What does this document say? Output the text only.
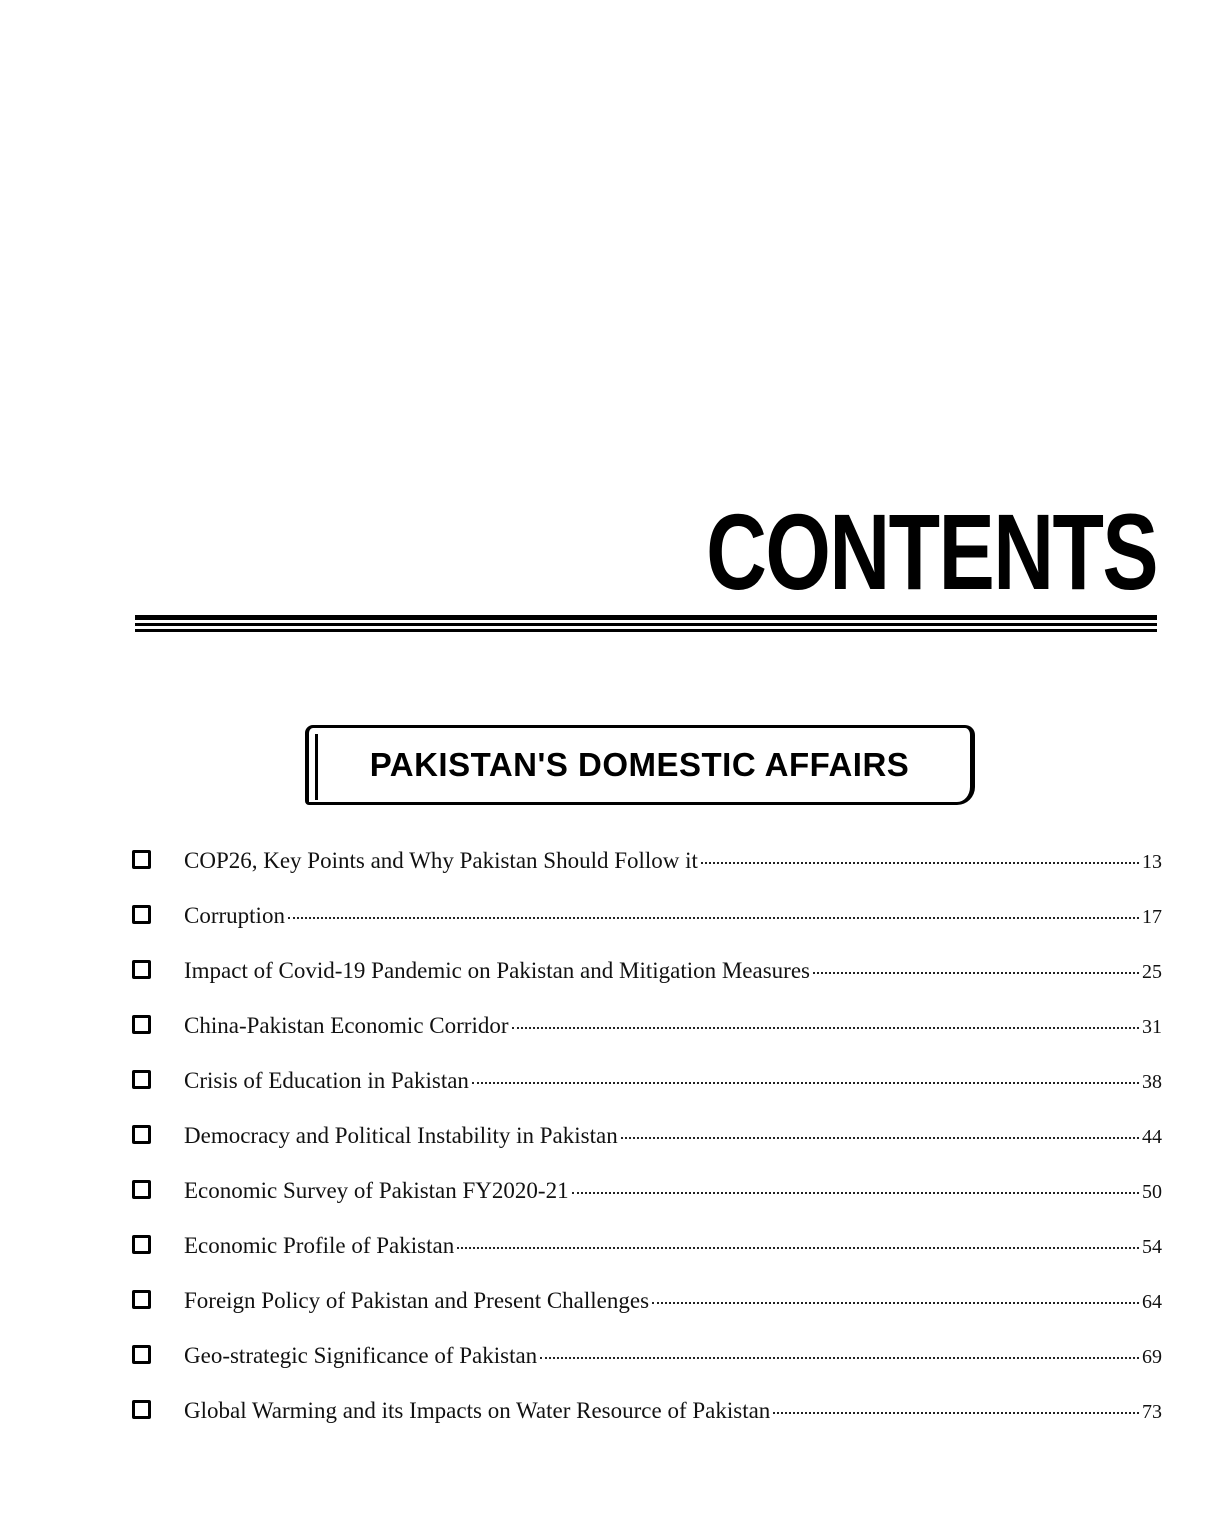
CONTENTS
PAKISTAN'S DOMESTIC AFFAIRS
COP26, Key Points and Why Pakistan Should Follow it	13
Corruption	17
Impact of Covid-19 Pandemic on Pakistan and Mitigation Measures	25
China-Pakistan Economic Corridor	31
Crisis of Education in Pakistan	38
Democracy and Political Instability in Pakistan	44
Economic Survey of Pakistan FY2020-21	50
Economic Profile of Pakistan	54
Foreign Policy of Pakistan and Present Challenges	64
Geo-strategic Significance of Pakistan	69
Global Warming and its Impacts on Water Resource of Pakistan	73
